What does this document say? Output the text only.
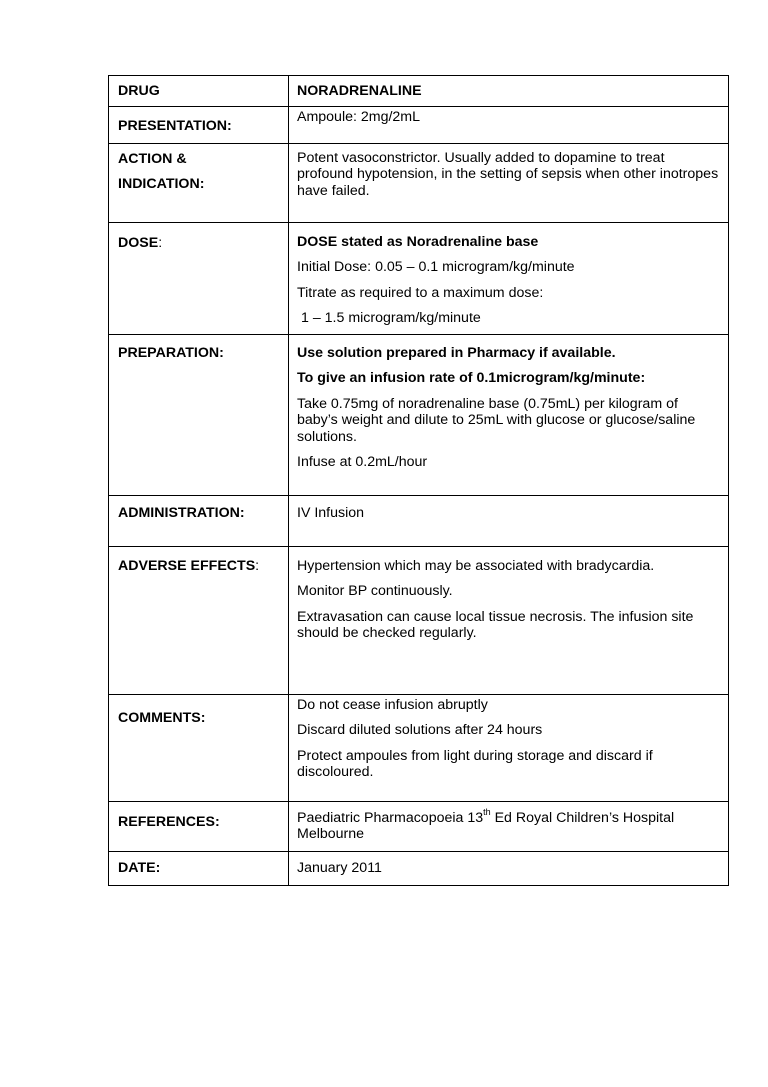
DRUG	NORADRENALINE
PRESENTATION:	Ampoule: 2mg/2mL
ACTION &
INDICATION:	Potent vasoconstrictor. Usually added to dopamine to treat profound hypotension, in the setting of sepsis when other inotropes have failed.
DOSE:	DOSE stated as Noradrenaline base
Initial Dose: 0.05 – 0.1 microgram/kg/minute
Titrate as required to a maximum dose:
1 – 1.5 microgram/kg/minute

PREPARATION:	Use solution prepared in Pharmacy if available.
To give an infusion rate of 0.1microgram/kg/minute:
Take 0.75mg of noradrenaline base (0.75mL) per kilogram of baby’s weight and dilute to 25mL with glucose or glucose/saline solutions.
Infuse at 0.2mL/hour

ADMINISTRATION:	IV Infusion
ADVERSE EFFECTS:	Hypertension which may be associated with bradycardia.
Monitor BP continuously.
Extravasation can cause local tissue necrosis. The infusion site should be checked regularly.

COMMENTS:	Do not cease infusion abruptly
Discard diluted solutions after 24 hours
Protect ampoules from light during storage and discard if discoloured.

REFERENCES:	Paediatric Pharmacopoeia 13th Ed Royal Children’s Hospital Melbourne
DATE:	January 2011
